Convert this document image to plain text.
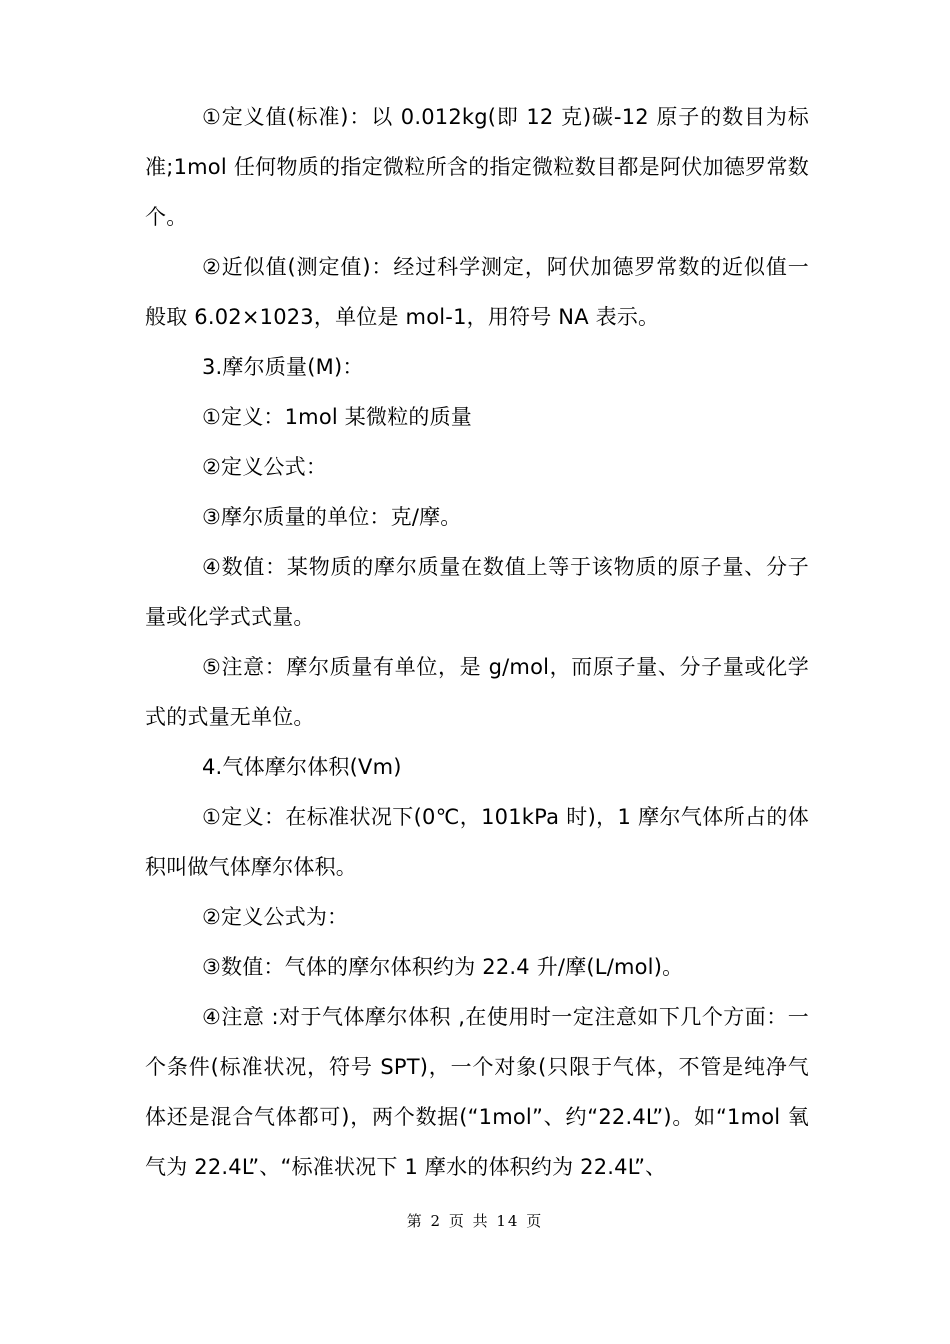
①定义值(标准)：以 0.012kg(即 12 克)碳-12 原子的数目为标准;1mol 任何物质的指定微粒所含的指定微粒数目都是阿伏加德罗常数个。

②近似值(测定值)：经过科学测定，阿伏加德罗常数的近似值一般取 6.02×1023，单位是 mol-1，用符号 NA 表示。

3.摩尔质量(M)：

①定义：1mol 某微粒的质量

②定义公式：

③摩尔质量的单位：克/摩。

④数值：某物质的摩尔质量在数值上等于该物质的原子量、分子量或化学式式量。

⑤注意：摩尔质量有单位，是 g/mol，而原子量、分子量或化学式的式量无单位。

4.气体摩尔体积(Vm)

①定义：在标准状况下(0℃，101kPa 时)，1 摩尔气体所占的体积叫做气体摩尔体积。

②定义公式为：

③数值：气体的摩尔体积约为 22.4 升/摩(L/mol)。

④注意 :对于气体摩尔体积 ,在使用时一定注意如下几个方面：一个条件(标准状况，符号 SPT)，一个对象(只限于气体，不管是纯净气体还是混合气体都可)，两个数据(“1mol”、约“22.4L”)。如“1mol 氧气为 22.4L”、“标准状况下 1 摩水的体积约为 22.4L”、

第 2 页 共 14 页
